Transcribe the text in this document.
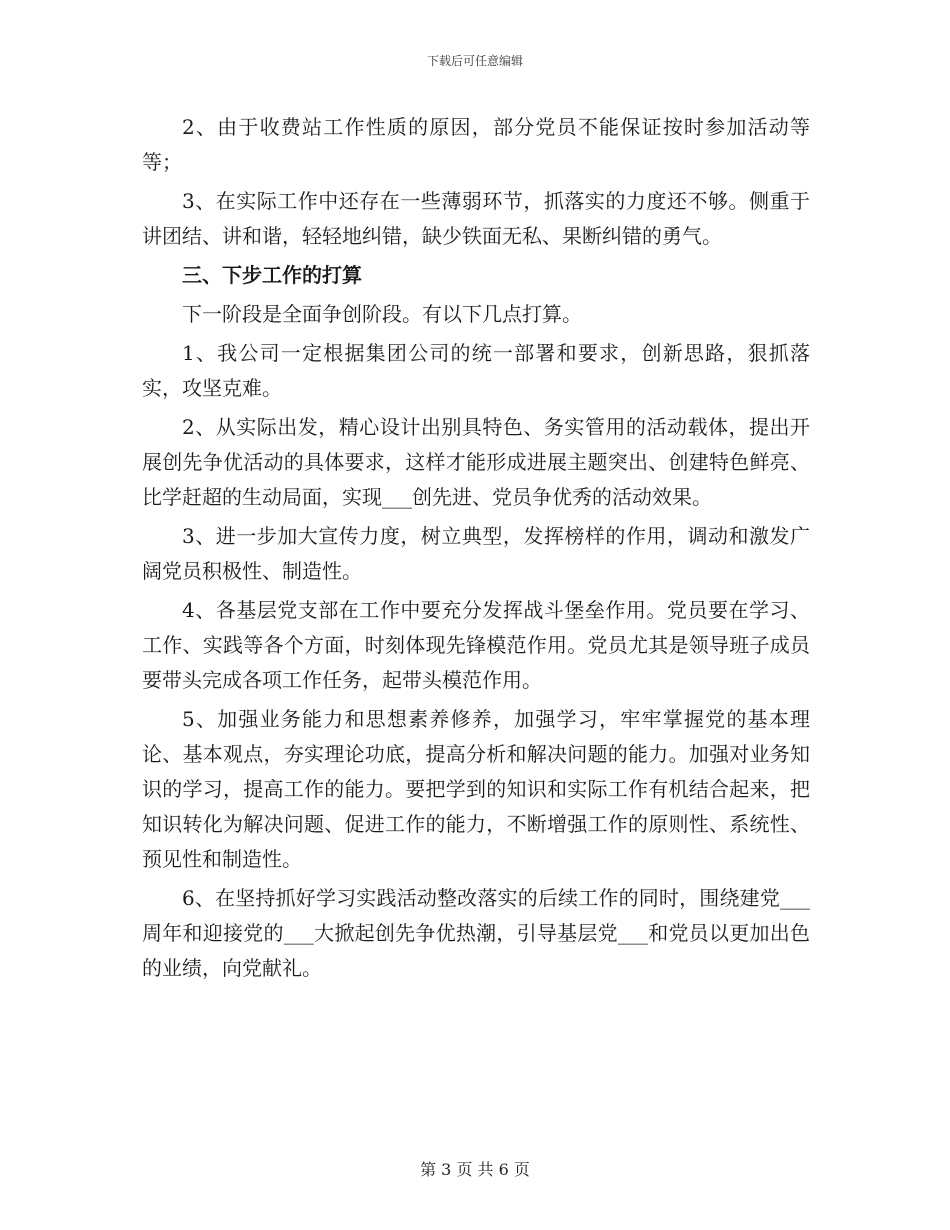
下载后可任意编辑

2、由于收费站工作性质的原因，部分党员不能保证按时参加活动等等；

3、在实际工作中还存在一些薄弱环节，抓落实的力度还不够。侧重于讲团结、讲和谐，轻轻地纠错，缺少铁面无私、果断纠错的勇气。

三、下步工作的打算

下一阶段是全面争创阶段。有以下几点打算。

1、我公司一定根据集团公司的统一部署和要求，创新思路，狠抓落实，攻坚克难。

2、从实际出发，精心设计出别具特色、务实管用的活动载体，提出开展创先争优活动的具体要求，这样才能形成进展主题突出、创建特色鲜亮、比学赶超的生动局面，实现___创先进、党员争优秀的活动效果。

3、进一步加大宣传力度，树立典型，发挥榜样的作用，调动和激发广阔党员积极性、制造性。

4、各基层党支部在工作中要充分发挥战斗堡垒作用。党员要在学习、工作、实践等各个方面，时刻体现先锋模范作用。党员尤其是领导班子成员要带头完成各项工作任务，起带头模范作用。

5、加强业务能力和思想素养修养，加强学习，牢牢掌握党的基本理论、基本观点，夯实理论功底，提高分析和解决问题的能力。加强对业务知识的学习，提高工作的能力。要把学到的知识和实际工作有机结合起来，把知识转化为解决问题、促进工作的能力，不断增强工作的原则性、系统性、预见性和制造性。

6、在坚持抓好学习实践活动整改落实的后续工作的同时，围绕建党___周年和迎接党的___大掀起创先争优热潮，引导基层党___和党员以更加出色的业绩，向党献礼。

第 3 页 共 6 页
